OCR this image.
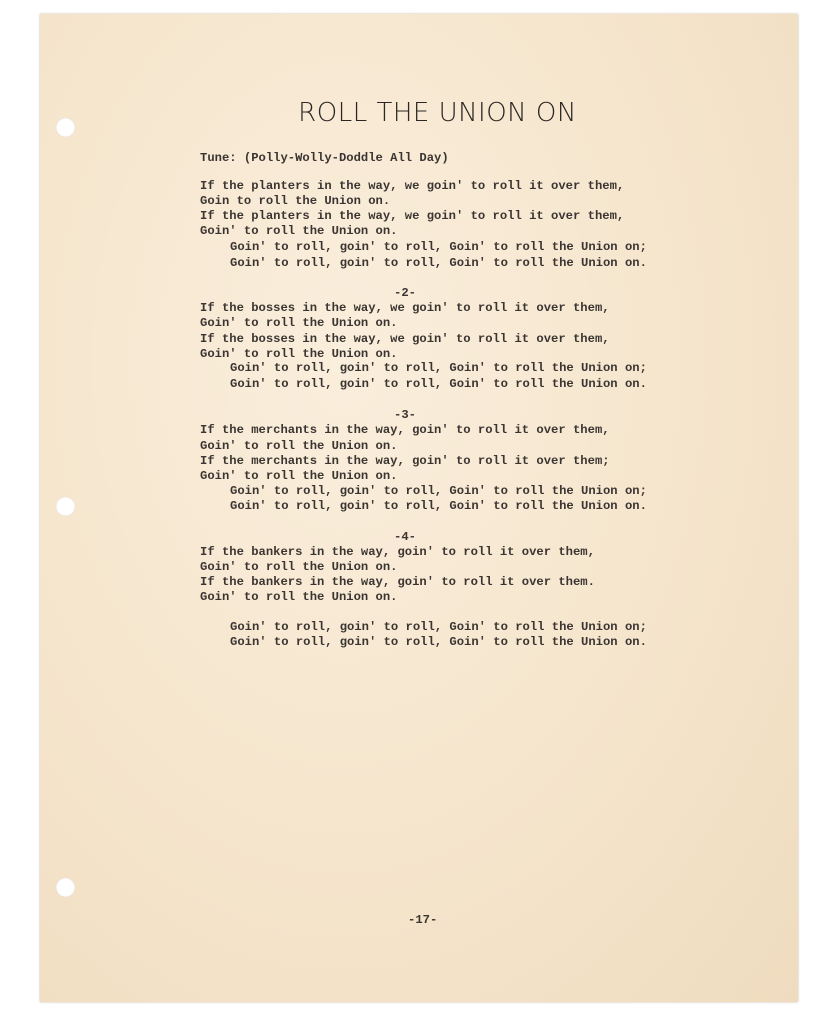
ROLL THE UNION ON
Tune: (Polly-Wolly-Doddle All Day)
If the planters in the way, we goin' to roll it over them,
Goin to roll the Union on.
If the planters in the way, we goin' to roll it over them,
Goin' to roll the Union on.
Goin' to roll, goin' to roll, Goin' to roll the Union on;
Goin' to roll, goin' to roll, Goin' to roll the Union on.
-2-
If the bosses in the way, we goin' to roll it over them,
Goin' to roll the Union on.
If the bosses in the way, we goin' to roll it over them,
Goin' to roll the Union on.
Goin' to roll, goin' to roll, Goin' to roll the Union on;
Goin' to roll, goin' to roll, Goin' to roll the Union on.
-3-
If the merchants in the way, goin' to roll it over them,
Goin' to roll the Union on.
If the merchants in the way, goin' to roll it over them;
Goin' to roll the Union on.
Goin' to roll, goin' to roll, Goin' to roll the Union on;
Goin' to roll, goin' to roll, Goin' to roll the Union on.
-4-
If the bankers in the way, goin' to roll it over them,
Goin' to roll the Union on.
If the bankers in the way, goin' to roll it over them.
Goin' to roll the Union on.
Goin' to roll, goin' to roll, Goin' to roll the Union on;
Goin' to roll, goin' to roll, Goin' to roll the Union on.
-17-
